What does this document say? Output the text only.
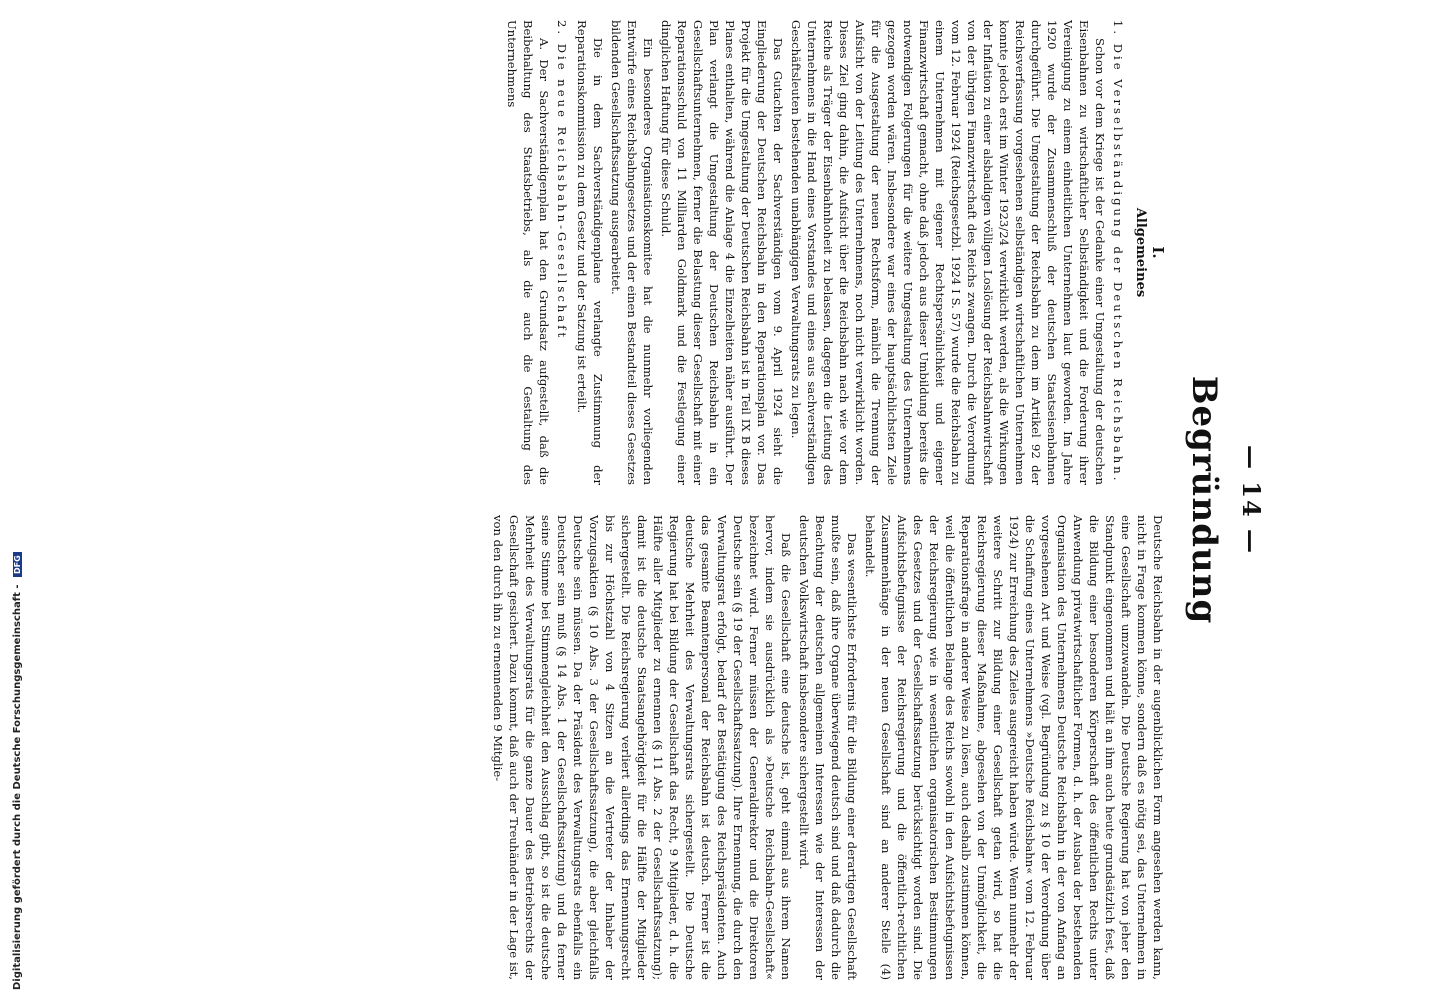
— 14 —
Begründung
I.
Allgemeines
1. Die Verselbständigung der Deutschen Reichsbahn.

Schon vor dem Kriege ist der Gedanke einer Umgestaltung der deutschen Eisenbahnen zu wirtschaftlicher Selbständigkeit und die Forderung ihrer Vereinigung zu einem einheitlichen Unternehmen laut geworden. Im Jahre 1920 wurde der Zusammenschluß der deutschen Staatseisenbahnen durchgeführt. Die Umgestaltung der Reichsbahn zu dem im Artikel 92 der Reichsverfassung vorgesehenen selbständigen wirtschaftlichen Unternehmen konnte jedoch erst im Winter 1923/24 verwirklicht werden, als die Wirkungen der Inflation zu einer alsbaldigen völligen Loslösung der Reichsbahnwirtschaft von der übrigen Finanzwirtschaft des Reichs zwangen. Durch die Verordnung vom 12. Februar 1924 (Reichsgesetzbl. 1924 I S. 57) wurde die Reichsbahn zu einem Unternehmen mit eigener Rechtspersönlichkeit und eigener Finanzwirtschaft gemacht, ohne daß jedoch aus dieser Umbildung bereits die notwendigen Folgerungen für die weitere Umgestaltung des Unternehmens gezogen worden wären. Insbesondere war eines der hauptsächlichsten Ziele für die Ausgestaltung der neuen Rechtsform, nämlich die Trennung der Aufsicht von der Leitung des Unternehmens, noch nicht verwirklicht worden. Dieses Ziel ging dahin, die Aufsicht über die Reichsbahn nach wie vor dem Reiche als Träger der Eisenbahnhoheit zu belassen, dagegen die Leitung des Unternehmens in die Hand eines Vorstandes und eines aus sachverständigen Geschäftsleuten bestehenden unabhängigen Verwaltungsrats zu legen.

Das Gutachten der Sachverständigen vom 9. April 1924 sieht die Eingliederung der Deutschen Reichsbahn in den Reparationsplan vor. Das Projekt für die Umgestaltung der Deutschen Reichsbahn ist in Teil IX B dieses Planes enthalten, während die Anlage 4 die Einzelheiten näher ausführt. Der Plan verlangt die Umgestaltung der Deutschen Reichsbahn in ein Gesellschaftsunternehmen, ferner die Belastung dieser Gesellschaft mit einer Reparationsschuld von 11 Milliarden Goldmark und die Festlegung einer dinglichen Haftung für diese Schuld.

Ein besonderes Organisationskomitee hat die nunmehr vorliegenden Entwürfe eines Reichsbahngesetzes und der einen Bestandteil dieses Gesetzes bildenden Gesellschaftssatzung ausgearbeitet.

Die in dem Sachverständigenplane verlangte Zustimmung der Reparationskommission zu dem Gesetz und der Satzung ist erteilt.

2. Die neue Reichsbahn-Gesellschaft

A. Der Sachverständigenplan hat den Grundsatz aufgestellt, daß die Beibehaltung des Staatsbetriebs, als die auch die Gestaltung des Unternehmens

Deutsche Reichsbahn in der augenblicklichen Form angesehen werden kann, nicht in Frage kommen könne, sondern daß es nötig sei, das Unternehmen in eine Gesellschaft umzuwandeln. Die Deutsche Regierung hat von jeher den Standpunkt eingenommen und hält an ihm auch heute grundsätzlich fest, daß die Bildung einer besonderen Körperschaft des öffentlichen Rechts unter Anwendung privatwirtschaftlicher Formen, d. h. der Ausbau der bestehenden Organisation des Unternehmens Deutsche Reichsbahn in der von Anfang an vorgesehenen Art und Weise (vgl. Begründung zu § 10 der Verordnung über die Schaffung eines Unternehmens »Deutsche Reichsbahn« vom 12. Februar 1924) zur Erreichung des Zieles ausgereicht haben würde. Wenn nunmehr der weitere Schritt zur Bildung einer Gesellschaft getan wird, so hat die Reichsregierung dieser Maßnahme, abgesehen von der Unmöglichkeit, die Reparationsfrage in anderer Weise zu lösen, auch deshalb zustimmen können, weil die öffentlichen Belange des Reichs sowohl in den Aufsichtsbefugnissen der Reichsregierung wie in wesentlichen organisatorischen Bestimmungen des Gesetzes und der Gesellschaftssatzung berücksichtigt worden sind. Die Aufsichtsbefugnisse der Reichsregierung und die öffentlich-rechtlichen Zusammenhänge in der neuen Gesellschaft sind an anderer Stelle (4) behandelt.

Das wesentlichste Erfordernis für die Bildung einer derartigen Gesellschaft mußte sein, daß ihre Organe überwiegend deutsch sind und daß dadurch die Beachtung der deutschen allgemeinen Interessen wie der Interessen der deutschen Volkswirtschaft insbesondere sichergestellt wird.

Daß die Gesellschaft eine deutsche ist, geht einmal aus ihrem Namen hervor, indem sie ausdrücklich als »Deutsche Reichsbahn-Gesellschaft« bezeichnet wird. Ferner müssen der Generaldirektor und die Direktoren Deutsche sein (§ 19 der Gesellschaftssatzung). Ihre Ernennung, die durch den Verwaltungsrat erfolgt, bedarf der Bestätigung des Reichspräsidenten. Auch das gesamte Beamtenpersonal der Reichsbahn ist deutsch. Ferner ist die deutsche Mehrheit des Verwaltungsrats sichergestellt. Die Deutsche Regierung hat bei Bildung der Gesellschaft das Recht, 9 Mitglieder, d. h. die Hälfte aller Mitglieder zu ernennen (§ 11 Abs. 2 der Gesellschaftssatzung); damit ist die deutsche Staatsangehörigkeit für die Hälfte der Mitglieder sichergestellt. Die Reichsregierung verliert allerdings das Ernennungsrecht bis zur Höchstzahl von 4 Sitzen an die Vertreter der Inhaber der Vorzugsaktien (§ 10 Abs. 3 der Gesellschaftssatzung), die aber gleichfalls Deutsche sein müssen. Da der Präsident des Verwaltungsrats ebenfalls ein Deutscher sein muß (§ 14 Abs. 1 der Gesellschaftssatzung) und da ferner seine Stimme bei Stimmengleichheit den Ausschlag gibt, so ist die deutsche Mehrheit des Verwaltungsrats für die ganze Dauer des Betriebsrechts der Gesellschaft gesichert. Dazu kommt, daß auch der Treuhänder in der Lage ist, von den durch ihn zu ernennenden 9 Mitglie-

Digitalisierung gefördert durch die Deutsche Forschungsgemeinschaft - DFG
